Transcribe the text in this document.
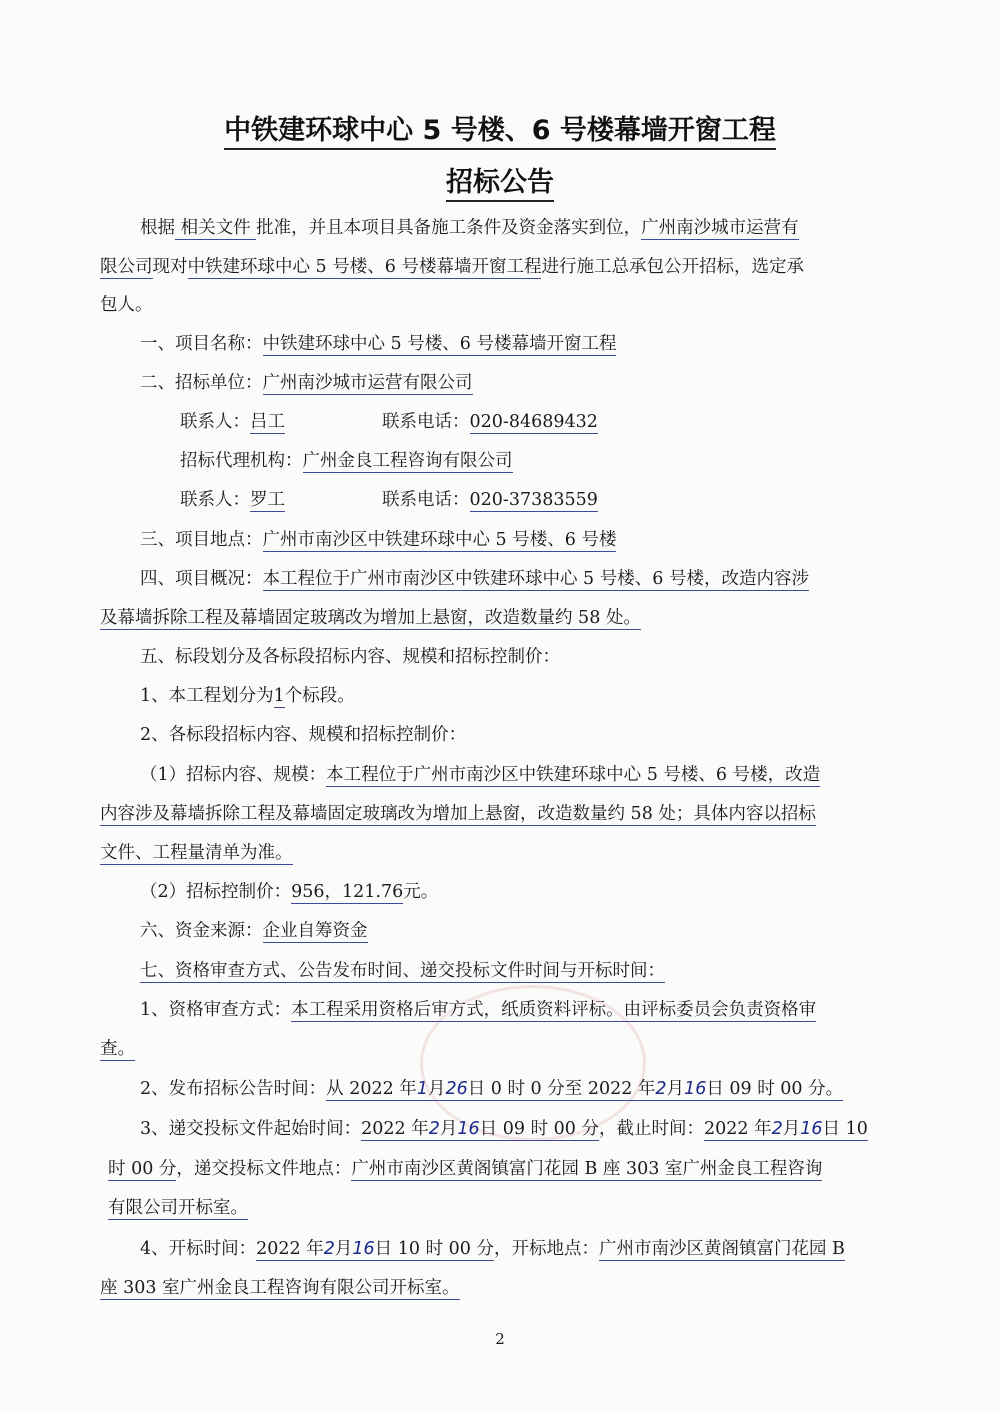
中铁建环球中心 5 号楼、6 号楼幕墙开窗工程
招标公告
根据 相关文件 批准，并且本项目具备施工条件及资金落实到位，广州南沙城市运营有
限公司现对中铁建环球中心 5 号楼、6 号楼幕墙开窗工程进行施工总承包公开招标，选定承
包人。
一、项目名称：中铁建环球中心 5 号楼、6 号楼幕墙开窗工程
二、招标单位：广州南沙城市运营有限公司
联系人：吕工	联系电话：020-84689432
招标代理机构：广州金良工程咨询有限公司
联系人：罗工	联系电话：020-37383559
三、项目地点：广州市南沙区中铁建环球中心 5 号楼、6 号楼
四、项目概况：本工程位于广州市南沙区中铁建环球中心 5 号楼、6 号楼，改造内容涉
及幕墙拆除工程及幕墙固定玻璃改为增加上悬窗，改造数量约 58 处。
五、标段划分及各标段招标内容、规模和招标控制价：
1、本工程划分为1个标段。
2、各标段招标内容、规模和招标控制价：
（1）招标内容、规模：本工程位于广州市南沙区中铁建环球中心 5 号楼、6 号楼，改造
内容涉及幕墙拆除工程及幕墙固定玻璃改为增加上悬窗，改造数量约 58 处；具体内容以招标
文件、工程量清单为准。
（2）招标控制价：956，121.76元。
六、资金来源：企业自筹资金
七、资格审查方式、公告发布时间、递交投标文件时间与开标时间：
1、资格审查方式：本工程采用资格后审方式，纸质资料评标。由评标委员会负责资格审
查。
2、发布招标公告时间：从 2022 年1月26日 0 时 0 分至 2022 年2月16日 09 时 00 分。
3、递交投标文件起始时间：2022 年2月16日 09 时 00 分，截止时间：2022 年2月16日 10
时 00 分，递交投标文件地点：广州市南沙区黄阁镇富门花园 B 座 303 室广州金良工程咨询
有限公司开标室。
4、开标时间：2022 年2月16日 10 时 00 分，开标地点：广州市南沙区黄阁镇富门花园 B
座 303 室广州金良工程咨询有限公司开标室。
2
